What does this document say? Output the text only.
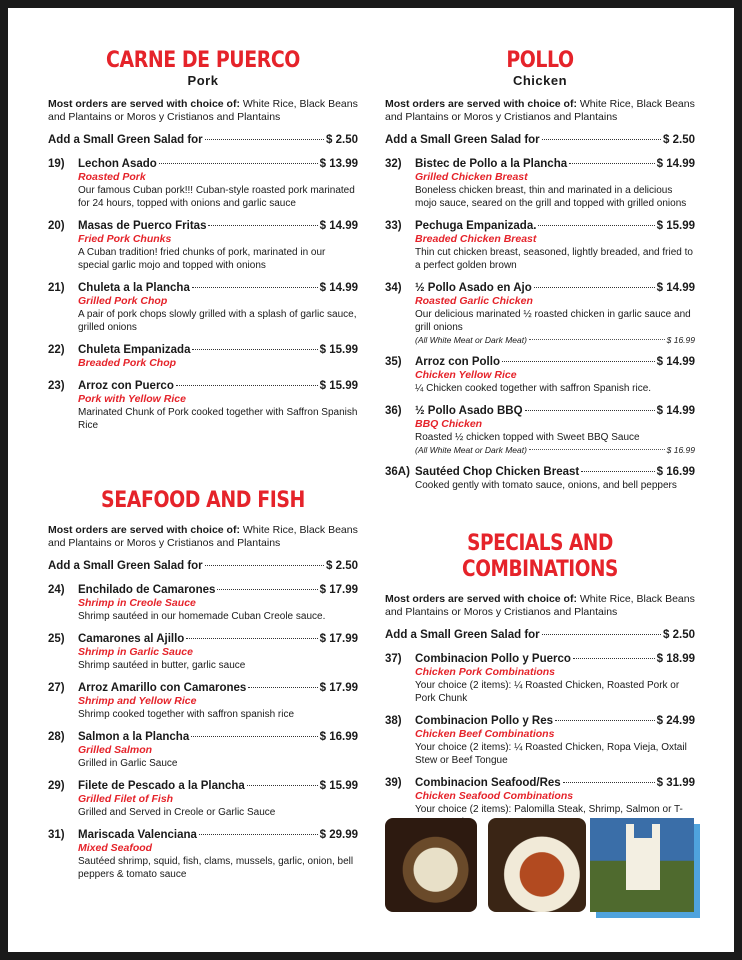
CARNE DE PUERCO
Pork
Most orders are served with choice of: White Rice, Black Beans and Plantains or Moros y Cristianos and Plantains
Add a Small Green Salad for	$ 2.50
19)	Lechon Asado	$ 13.99
Roasted Pork
Our famous Cuban pork!!! Cuban-style roasted pork marinated for 24 hours, topped with onions and garlic sauce
20)	Masas de Puerco Fritas	$ 14.99
Fried Pork Chunks
A Cuban tradition! fried chunks of pork, marinated in our special garlic mojo and topped with onions
21)	Chuleta a la Plancha	$ 14.99
Grilled Pork Chop
A pair of pork chops slowly grilled with a splash of garlic sauce, grilled onions
22)	Chuleta Empanizada	$ 15.99
Breaded Pork Chop
23)	Arroz con Puerco	$ 15.99
Pork with Yellow Rice
Marinated Chunk of Pork cooked together with Saffron Spanish Rice
SEAFOOD AND FISH
Most orders are served with choice of: White Rice, Black Beans and Plantains or Moros y Cristianos and Plantains
Add a Small Green Salad for	$ 2.50
24)	Enchilado de Camarones	$ 17.99
Shrimp in Creole Sauce
Shrimp sautéed in our homemade Cuban Creole sauce.
25)	Camarones al Ajillo	$ 17.99
Shrimp in Garlic Sauce
Shrimp sautéed in butter, garlic sauce
27)	Arroz Amarillo con Camarones	$ 17.99
Shrimp and Yellow Rice
Shrimp cooked together with saffron spanish rice
28)	Salmon a la Plancha	$ 16.99
Grilled Salmon
Grilled in Garlic Sauce
29)	Filete de Pescado a la Plancha	$ 15.99
Grilled Filet of Fish
Grilled and Served in Creole or Garlic Sauce
31)	Mariscada Valenciana	$ 29.99
Mixed Seafood
Sautéed shrimp, squid, fish, clams, mussels, garlic, onion, bell peppers & tomato sauce
POLLO
Chicken
Most orders are served with choice of: White Rice, Black Beans and Plantains or Moros y Cristianos and Plantains
Add a Small Green Salad for	$ 2.50
32)	Bistec de Pollo a la Plancha	$ 14.99
Grilled Chicken Breast
Boneless chicken breast, thin and marinated in a delicious mojo sauce, seared on the grill and topped with grilled onions
33)	Pechuga Empanizada.	$ 15.99
Breaded Chicken Breast
Thin cut chicken breast, seasoned, lightly breaded, and fried to a perfect golden brown
34)	½ Pollo Asado en Ajo	$ 14.99
Roasted Garlic Chicken
Our delicious marinated ½ roasted chicken in garlic sauce and grill onions
(All White Meat or Dark Meat)	$ 16.99
35)	Arroz con Pollo	$ 14.99
Chicken Yellow Rice
¼ Chicken cooked together with saffron Spanish rice.
36)	½ Pollo Asado BBQ	$ 14.99
BBQ Chicken
Roasted ½ chicken topped with Sweet BBQ Sauce
(All White Meat or Dark Meat)	$ 16.99
36A) Sautéed Chop Chicken Breast	$ 16.99
Cooked gently with tomato sauce, onions, and bell peppers
SPECIALS AND COMBINATIONS
Most orders are served with choice of: White Rice, Black Beans and Plantains or Moros y Cristianos and Plantains
Add a Small Green Salad for	$ 2.50
37)	Combinacion Pollo y Puerco	$ 18.99
Chicken Pork Combinations
Your choice (2 items): ¼ Roasted Chicken, Roasted Pork or Pork Chunk
38)	Combinacion Pollo y Res	$ 24.99
Chicken Beef Combinations
Your choice (2 items): ¼ Roasted Chicken, Ropa Vieja, Oxtail Stew or Beef Tongue
39)	Combinacion Seafood/Res	$ 31.99
Chicken Seafood Combinations
Your choice (2 items): Palomilla Steak, Shrimp, Salmon or T-
